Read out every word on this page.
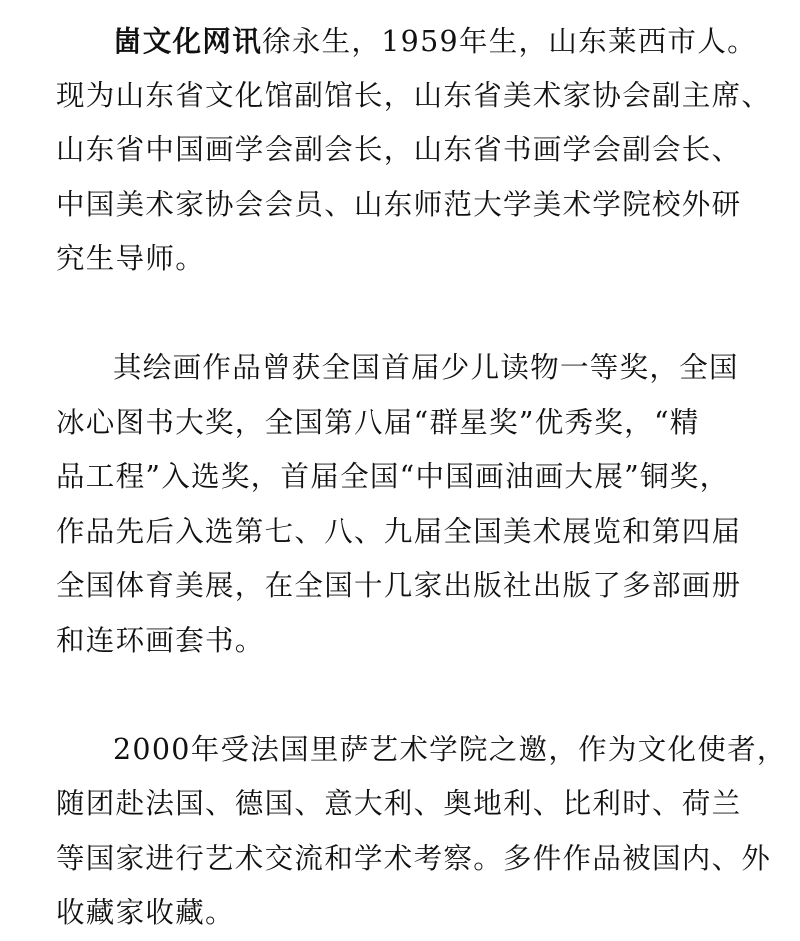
崮文化网讯徐永生，1959年生，山东莱西市人。
现为山东省文化馆副馆长，山东省美术家协会副主席、
山东省中国画学会副会长，山东省书画学会副会长、
中国美术家协会会员、山东师范大学美术学院校外研
究生导师。
其绘画作品曾获全国首届少儿读物一等奖，全国
冰心图书大奖，全国第八届“群星奖”优秀奖，“精
品工程”入选奖，首届全国“中国画油画大展”铜奖，
作品先后入选第七、八、九届全国美术展览和第四届
全国体育美展，在全国十几家出版社出版了多部画册
和连环画套书。
2000年受法国里萨艺术学院之邀，作为文化使者，
随团赴法国、德国、意大利、奥地利、比利时、荷兰
等国家进行艺术交流和学术考察。多件作品被国内、外
收藏家收藏。
